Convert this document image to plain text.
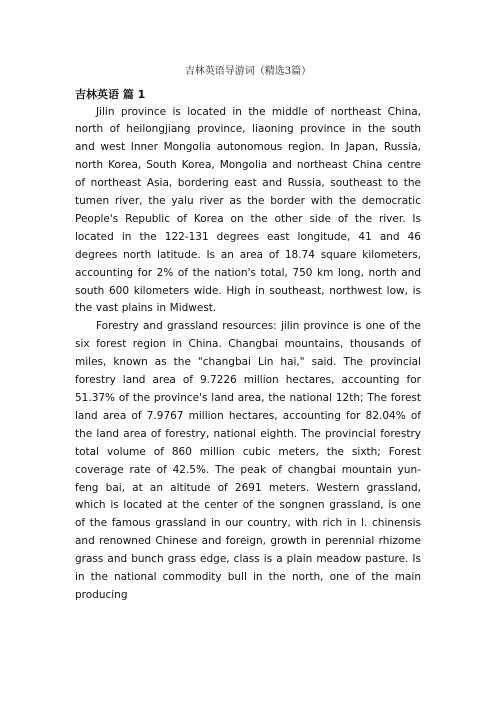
吉林英语导游词（精选3篇）
吉林英语 篇 1

Jilin province is located in the middle of northeast China, north of heilongjiang province, liaoning province in the south and west Inner Mongolia autonomous region. In Japan, Russia, north Korea, South Korea, Mongolia and northeast China centre of northeast Asia, bordering east and Russia, southeast to the tumen river, the yalu river as the border with the democratic People's Republic of Korea on the other side of the river. Is located in the 122-131 degrees east longitude, 41 and 46 degrees north latitude. Is an area of 18.74 square kilometers, accounting for 2% of the nation's total, 750 km long, north and south 600 kilometers wide. High in southeast, northwest low, is the vast plains in Midwest.

Forestry and grassland resources: jilin province is one of the six forest region in China. Changbai mountains, thousands of miles, known as the "changbai Lin hai," said. The provincial forestry land area of 9.7226 million hectares, accounting for 51.37% of the province's land area, the national 12th; The forest land area of 7.9767 million hectares, accounting for 82.04% of the land area of forestry, national eighth. The provincial forestry total volume of 860 million cubic meters, the sixth; Forest coverage rate of 42.5%. The peak of changbai mountain yun-feng bai, at an altitude of 2691 meters. Western grassland, which is located at the center of the songnen grassland, is one of the famous grassland in our country, with rich in l. chinensis and renowned Chinese and foreign, growth in perennial rhizome grass and bunch grass edge, class is a plain meadow pasture. Is in the national commodity bull in the north, one of the main producing
